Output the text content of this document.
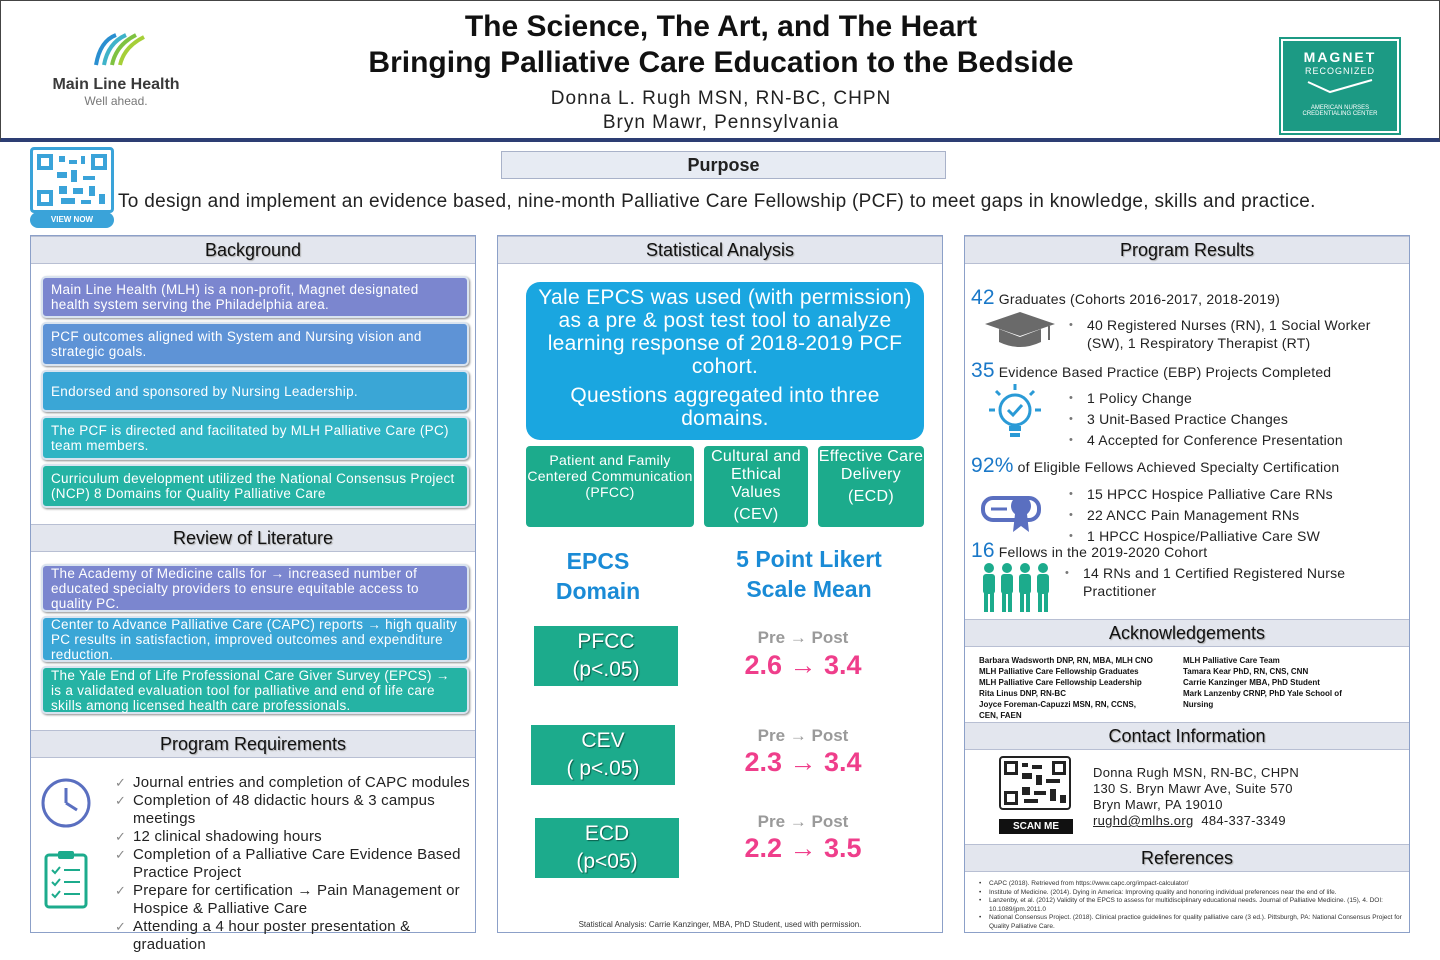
Main Line Health
Well ahead.
The Science, The Art, and The Heart
Bringing Palliative Care Education to the Bedside
Donna L. Rugh MSN, RN-BC, CHPN
Bryn Mawr, Pennsylvania
MAGNET
RECOGNIZED
AMERICAN NURSES
CREDENTIALING CENTER
VIEW NOW
Purpose
To design and implement an evidence based, nine-month Palliative Care Fellowship (PCF) to meet gaps in knowledge, skills and practice.
Background
Main Line Health (MLH) is a non-profit, Magnet designated health system serving the Philadelphia area.
PCF outcomes aligned with System and Nursing vision and strategic goals.
Endorsed and sponsored by Nursing Leadership.
The PCF is directed and facilitated by MLH Palliative Care (PC) team members.
Curriculum development utilized the National Consensus Project (NCP) 8 Domains for Quality Palliative Care
Review of Literature
The Academy of Medicine calls for → increased number of educated specialty providers to ensure equitable access to quality PC.
Center to Advance Palliative Care (CAPC) reports → high quality PC results in satisfaction, improved outcomes and expenditure reduction.
The Yale End of Life Professional Care Giver Survey (EPCS) → is a validated evaluation tool for palliative and end of life care skills among licensed health care professionals.
Program Requirements
✓ Journal entries and completion of CAPC modules
✓ Completion of 48 didactic hours & 3 campus meetings
✓ 12 clinical shadowing hours
✓ Completion of a Palliative Care Evidence Based Practice Project
✓ Prepare for certification → Pain Management or Hospice & Palliative Care
✓ Attending a 4 hour poster presentation & graduation
Statistical Analysis
Yale EPCS was used (with permission) as a pre & post test tool to analyze learning response of 2018-2019 PCF cohort.
Questions aggregated into three domains.
Patient and Family Centered Communication
(PFCC)
Cultural and Ethical Values
(CEV)
Effective Care Delivery
(ECD)
EPCS
Domain
5 Point Likert
Scale Mean
PFCC
(p<.05)
Pre → Post
2.6 → 3.4
CEV
( p<.05)
Pre → Post
2.3 → 3.4
ECD
(p<05)
Pre → Post
2.2 → 3.5
Statistical Analysis: Carrie Kanzinger, MBA, PhD Student, used with permission.
Program Results
42 Graduates (Cohorts 2016-2017, 2018-2019)
• 40 Registered Nurses (RN), 1 Social Worker (SW), 1 Respiratory Therapist (RT)
35 Evidence Based Practice (EBP) Projects Completed
• 1 Policy Change
• 3 Unit-Based Practice Changes
• 4 Accepted for Conference Presentation
92% of Eligible Fellows Achieved Specialty Certification
• 15 HPCC Hospice Palliative Care RNs
• 22 ANCC Pain Management RNs
• 1 HPCC Hospice/Palliative Care SW
16 Fellows in the 2019-2020 Cohort
• 14 RNs and 1 Certified Registered Nurse Practitioner
Acknowledgements
Barbara Wadsworth DNP, RN, MBA, MLH CNO
MLH Palliative Care Fellowship Graduates
MLH Palliative Care Fellowship Leadership
Rita Linus DNP, RN-BC
Joyce Foreman-Capuzzi MSN, RN, CCNS,
CEN, FAEN
MLH Palliative Care Team
Tamara Kear PhD, RN, CNS, CNN
Carrie Kanzinger MBA, PhD Student
Mark Lanzenby CRNP, PhD Yale School of
Nursing
Contact Information
SCAN ME
Donna Rugh MSN, RN-BC, CHPN
130 S. Bryn Mawr Ave, Suite 570
Bryn Mawr, PA 19010
rughd@mlhs.org 484-337-3349
References
• CAPC (2018). Retrieved from https://www.capc.org/impact-calculator/
• Institute of Medicine. (2014). Dying in America: Improving quality and honoring individual preferences near the end of life.
• Lanzenby, et al. (2012) Validity of the EPCS to assess for multidisciplinary educational needs. Journal of Palliative Medicine. (15), 4. DOI: 10.1089/jpm.2011.0
• National Consensus Project. (2018). Clinical practice guidelines for quality palliative care (3 ed.). Pittsburgh, PA: National Consensus Project for Quality Palliative Care.
